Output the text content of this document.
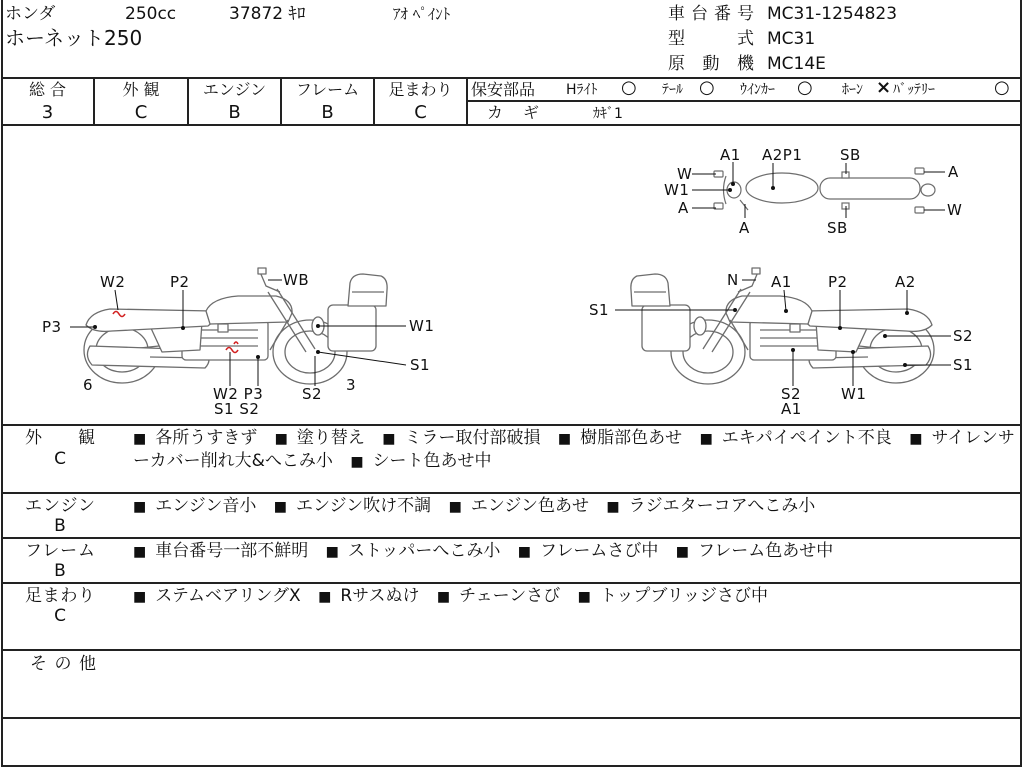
ホンダ	250cc	37872 ｷﾛ	ｱｵ ﾍﾟｲﾝﾄ
ホーネット250
車台番号 MC31-1254823
型 式 MC31
原 動 機 MC14E
総 合
3
外 観
C
エンジン
B
フレーム
B
足まわり
C
保安部品 Hﾗｲﾄ ○ ﾃｰﾙ ○ ｳｲﾝｶｰ ○ ﾎｰﾝ × ﾊﾞｯﾃﾘｰ	○
カ ギ	ｶｷﾞ1
W
W1
A
A1 A2P1	SB
A
W
A	SB
W2	P2	WB
P3	W1
S1
6	W2 P3
S1 S2
S2 3
N A1 P2	A2
S1
S2
S1
S2
A1
W1
外 観
C
■ 各所うすきず ■ 塗り替え ■ ミラー取付部破損 ■ 樹脂部色あせ ■ エキパイペイント不良 ■ サイレンサーカバー削れ大&へこみ小 ■ シート色あせ中
エンジン
B
■ エンジン音小 ■ エンジン吹け不調 ■ エンジン色あせ ■ ラジエターコアへこみ小
フレーム
B
■ 車台番号一部不鮮明 ■ ストッパーへこみ小 ■ フレームさび中 ■ フレーム色あせ中
足まわり
C
■ ステムベアリングX ■ Rサスぬけ ■ チェーンさび ■ トップブリッジさび中
そ の 他
